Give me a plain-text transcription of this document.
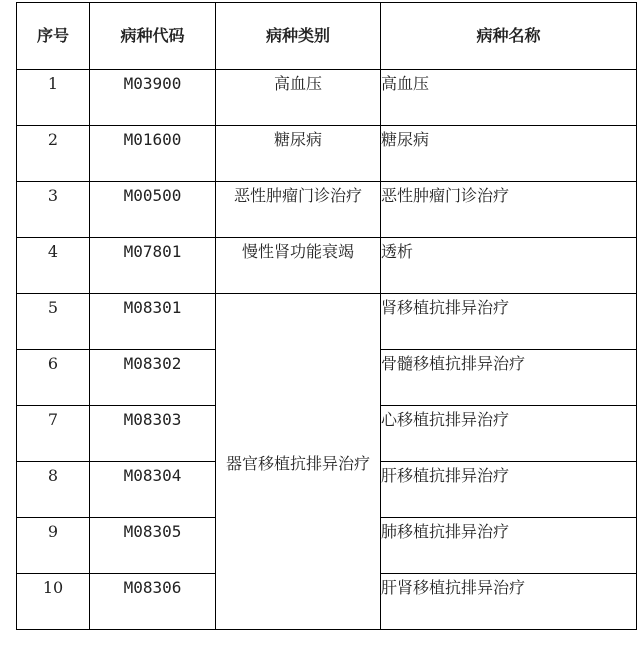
序号	病种代码	病种类别	病种名称
1	M03900	高血压	高血压
2	M01600	糖尿病	糖尿病
3	M00500	恶性肿瘤门诊治疗	恶性肿瘤门诊治疗
4	M07801	慢性肾功能衰竭	透析
5	M08301	器官移植抗排异治疗	肾移植抗排异治疗
6	M08302		骨髓移植抗排异治疗
7	M08303		心移植抗排异治疗
8	M08304		肝移植抗排异治疗
9	M08305		肺移植抗排异治疗
10	M08306		肝肾移植抗排异治疗
